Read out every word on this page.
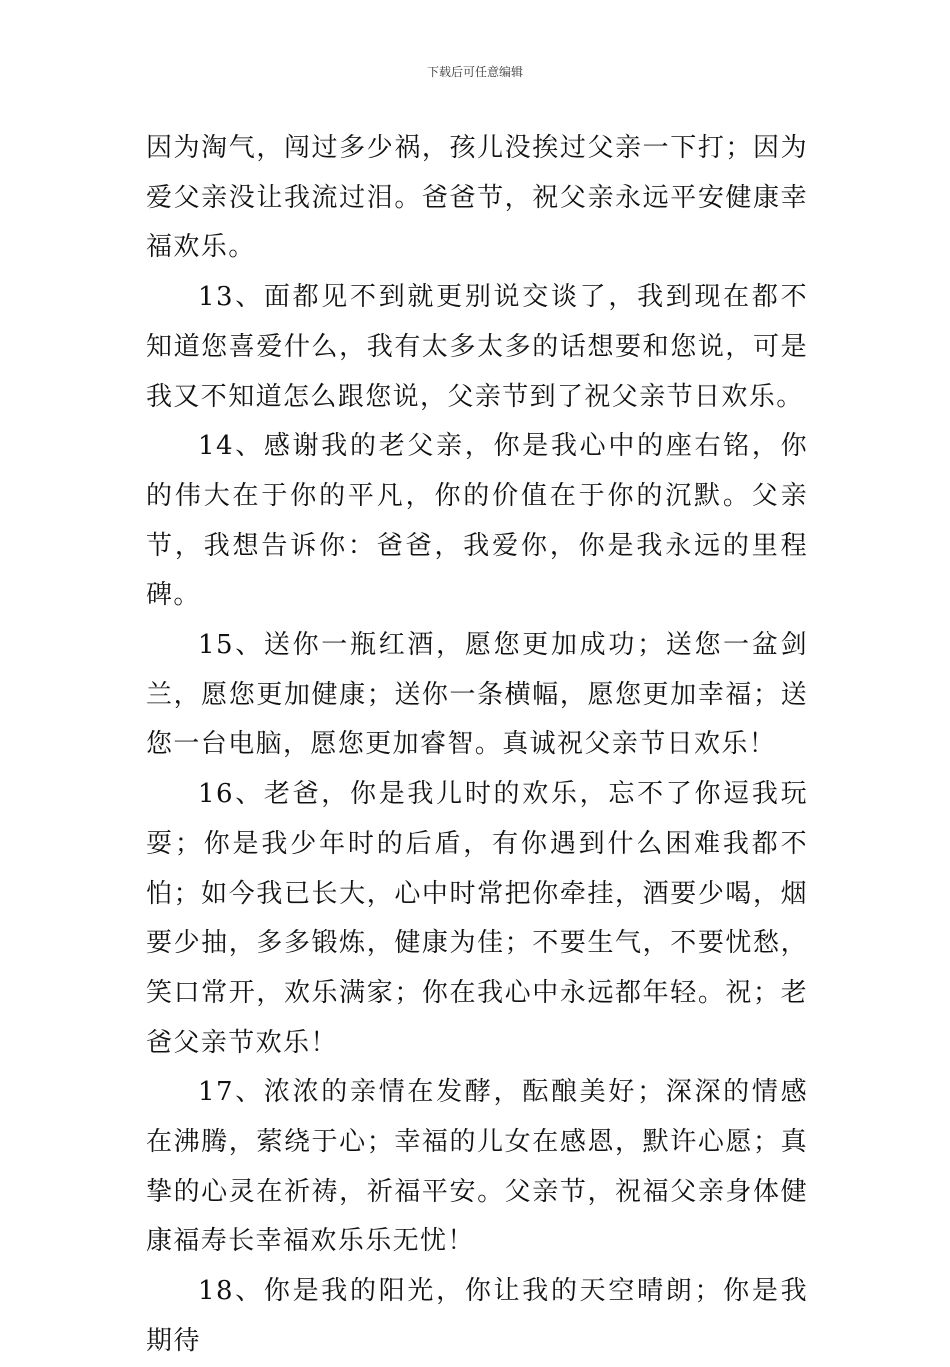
下载后可任意编辑

因为淘气，闯过多少祸，孩儿没挨过父亲一下打；因为爱父亲没让我流过泪。爸爸节，祝父亲永远平安健康幸福欢乐。

13、面都见不到就更别说交谈了，我到现在都不知道您喜爱什么，我有太多太多的话想要和您说，可是我又不知道怎么跟您说，父亲节到了祝父亲节日欢乐。

14、感谢我的老父亲，你是我心中的座右铭，你的伟大在于你的平凡，你的价值在于你的沉默。父亲节，我想告诉你：爸爸，我爱你，你是我永远的里程碑。

15、送你一瓶红酒，愿您更加成功；送您一盆剑兰，愿您更加健康；送你一条横幅，愿您更加幸福；送您一台电脑，愿您更加睿智。真诚祝父亲节日欢乐！

16、老爸，你是我儿时的欢乐，忘不了你逗我玩耍；你是我少年时的后盾，有你遇到什么困难我都不怕；如今我已长大，心中时常把你牵挂，酒要少喝，烟要少抽，多多锻炼，健康为佳；不要生气，不要忧愁，笑口常开，欢乐满家；你在我心中永远都年轻。祝；老爸父亲节欢乐！

17、浓浓的亲情在发酵，酝酿美好；深深的情感在沸腾，萦绕于心；幸福的儿女在感恩，默许心愿；真挚的心灵在祈祷，祈福平安。父亲节，祝福父亲身体健康福寿长幸福欢乐乐无忧！

18、你是我的阳光，你让我的天空晴朗；你是我期待
